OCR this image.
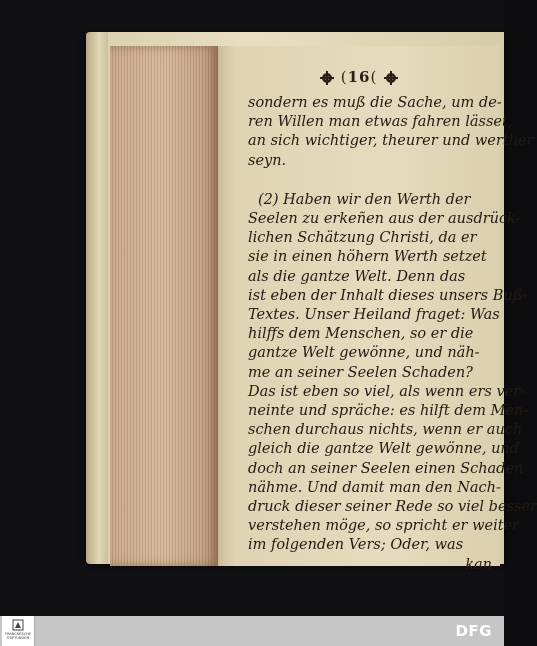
(16(
sondern es muß die Sache, um de-
ren Willen man etwas fahren lässet,
an sich wichtiger, theurer und werther
seyn.
(2) Haben wir den Werth der
Seelen zu erkeñen aus der ausdrück-
lichen Schätzung Christi, da er
sie in einen höhern Werth setzet
als die gantze Welt. Denn das
ist eben der Inhalt dieses unsers Buß-
Textes. Unser Heiland fraget: Was
hilffs dem Menschen, so er die
gantze Welt gewönne, und näh-
me an seiner Seelen Schaden?
Das ist eben so viel, als wenn ers ver-
neinte und spräche: es hilft dem Men-
schen durchaus nichts, wenn er auch
gleich die gantze Welt gewönne, und
doch an seiner Seelen einen Schaden
nähme. Und damit man den Nach-
druck dieser seiner Rede so viel besser
verstehen möge, so spricht er weiter
im folgenden Vers; Oder, was
kan
FRANCKESCHE
STIFTUNGEN	DFG
